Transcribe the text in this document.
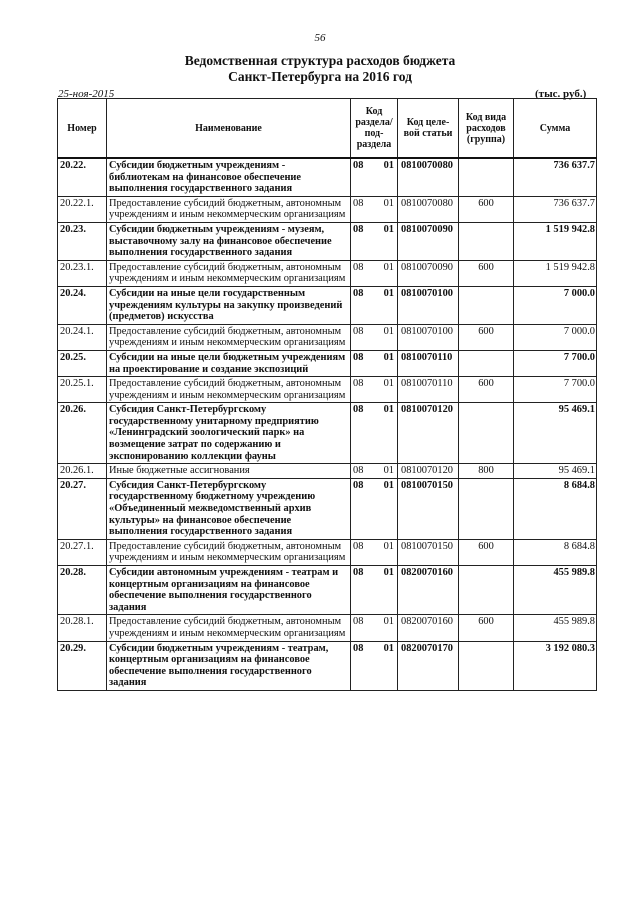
56
Ведомственная структура расходов бюджета
Санкт-Петербурга на 2016 год
25-ноя-2015	(тыс. руб.)
Номер	Наименование	Код раздела/ под-раздела		Код целе-вой статьи	Код вида расходов (группа)	Сумма
20.22.	Субсидии бюджетным учреждениям - библиотекам на финансовое обеспечение выполнения государственного задания	08	01	0810070080		736 637.7
20.22.1.	Предоставление субсидий бюджетным, автономным учреждениям и иным некоммерческим организациям	08	01	0810070080	600	736 637.7
20.23.	Субсидии бюджетным учреждениям - музеям, выставочному залу на финансовое обеспечение выполнения государственного задания	08	01	0810070090		1 519 942.8
20.23.1.	Предоставление субсидий бюджетным, автономным учреждениям и иным некоммерческим организациям	08	01	0810070090	600	1 519 942.8
20.24.	Субсидии на иные цели государственным учреждениям культуры на закупку произведений (предметов) искусства	08	01	0810070100		7 000.0
20.24.1.	Предоставление субсидий бюджетным, автономным учреждениям и иным некоммерческим организациям	08	01	0810070100	600	7 000.0
20.25.	Субсидии на иные цели бюджетным учреждениям на проектирование и создание экспозиций	08	01	0810070110		7 700.0
20.25.1.	Предоставление субсидий бюджетным, автономным учреждениям и иным некоммерческим организациям	08	01	0810070110	600	7 700.0
20.26.	Субсидия Санкт-Петербургскому государственному унитарному предприятию «Ленинградский зоологический парк» на возмещение затрат по содержанию и экспонированию коллекции фауны	08	01	0810070120		95 469.1
20.26.1.	Иные бюджетные ассигнования	08	01	0810070120	800	95 469.1
20.27.	Субсидия Санкт-Петербургскому государственному бюджетному учреждению «Объединенный межведомственный архив культуры» на финансовое обеспечение выполнения государственного задания	08	01	0810070150		8 684.8
20.27.1.	Предоставление субсидий бюджетным, автономным учреждениям и иным некоммерческим организациям	08	01	0810070150	600	8 684.8
20.28.	Субсидии автономным учреждениям - театрам и концертным организациям на финансовое обеспечение выполнения государственного задания	08	01	0820070160		455 989.8
20.28.1.	Предоставление субсидий бюджетным, автономным учреждениям и иным некоммерческим организациям	08	01	0820070160	600	455 989.8
20.29.	Субсидии бюджетным учреждениям - театрам, концертным организациям на финансовое обеспечение выполнения государственного задания	08	01	0820070170		3 192 080.3
